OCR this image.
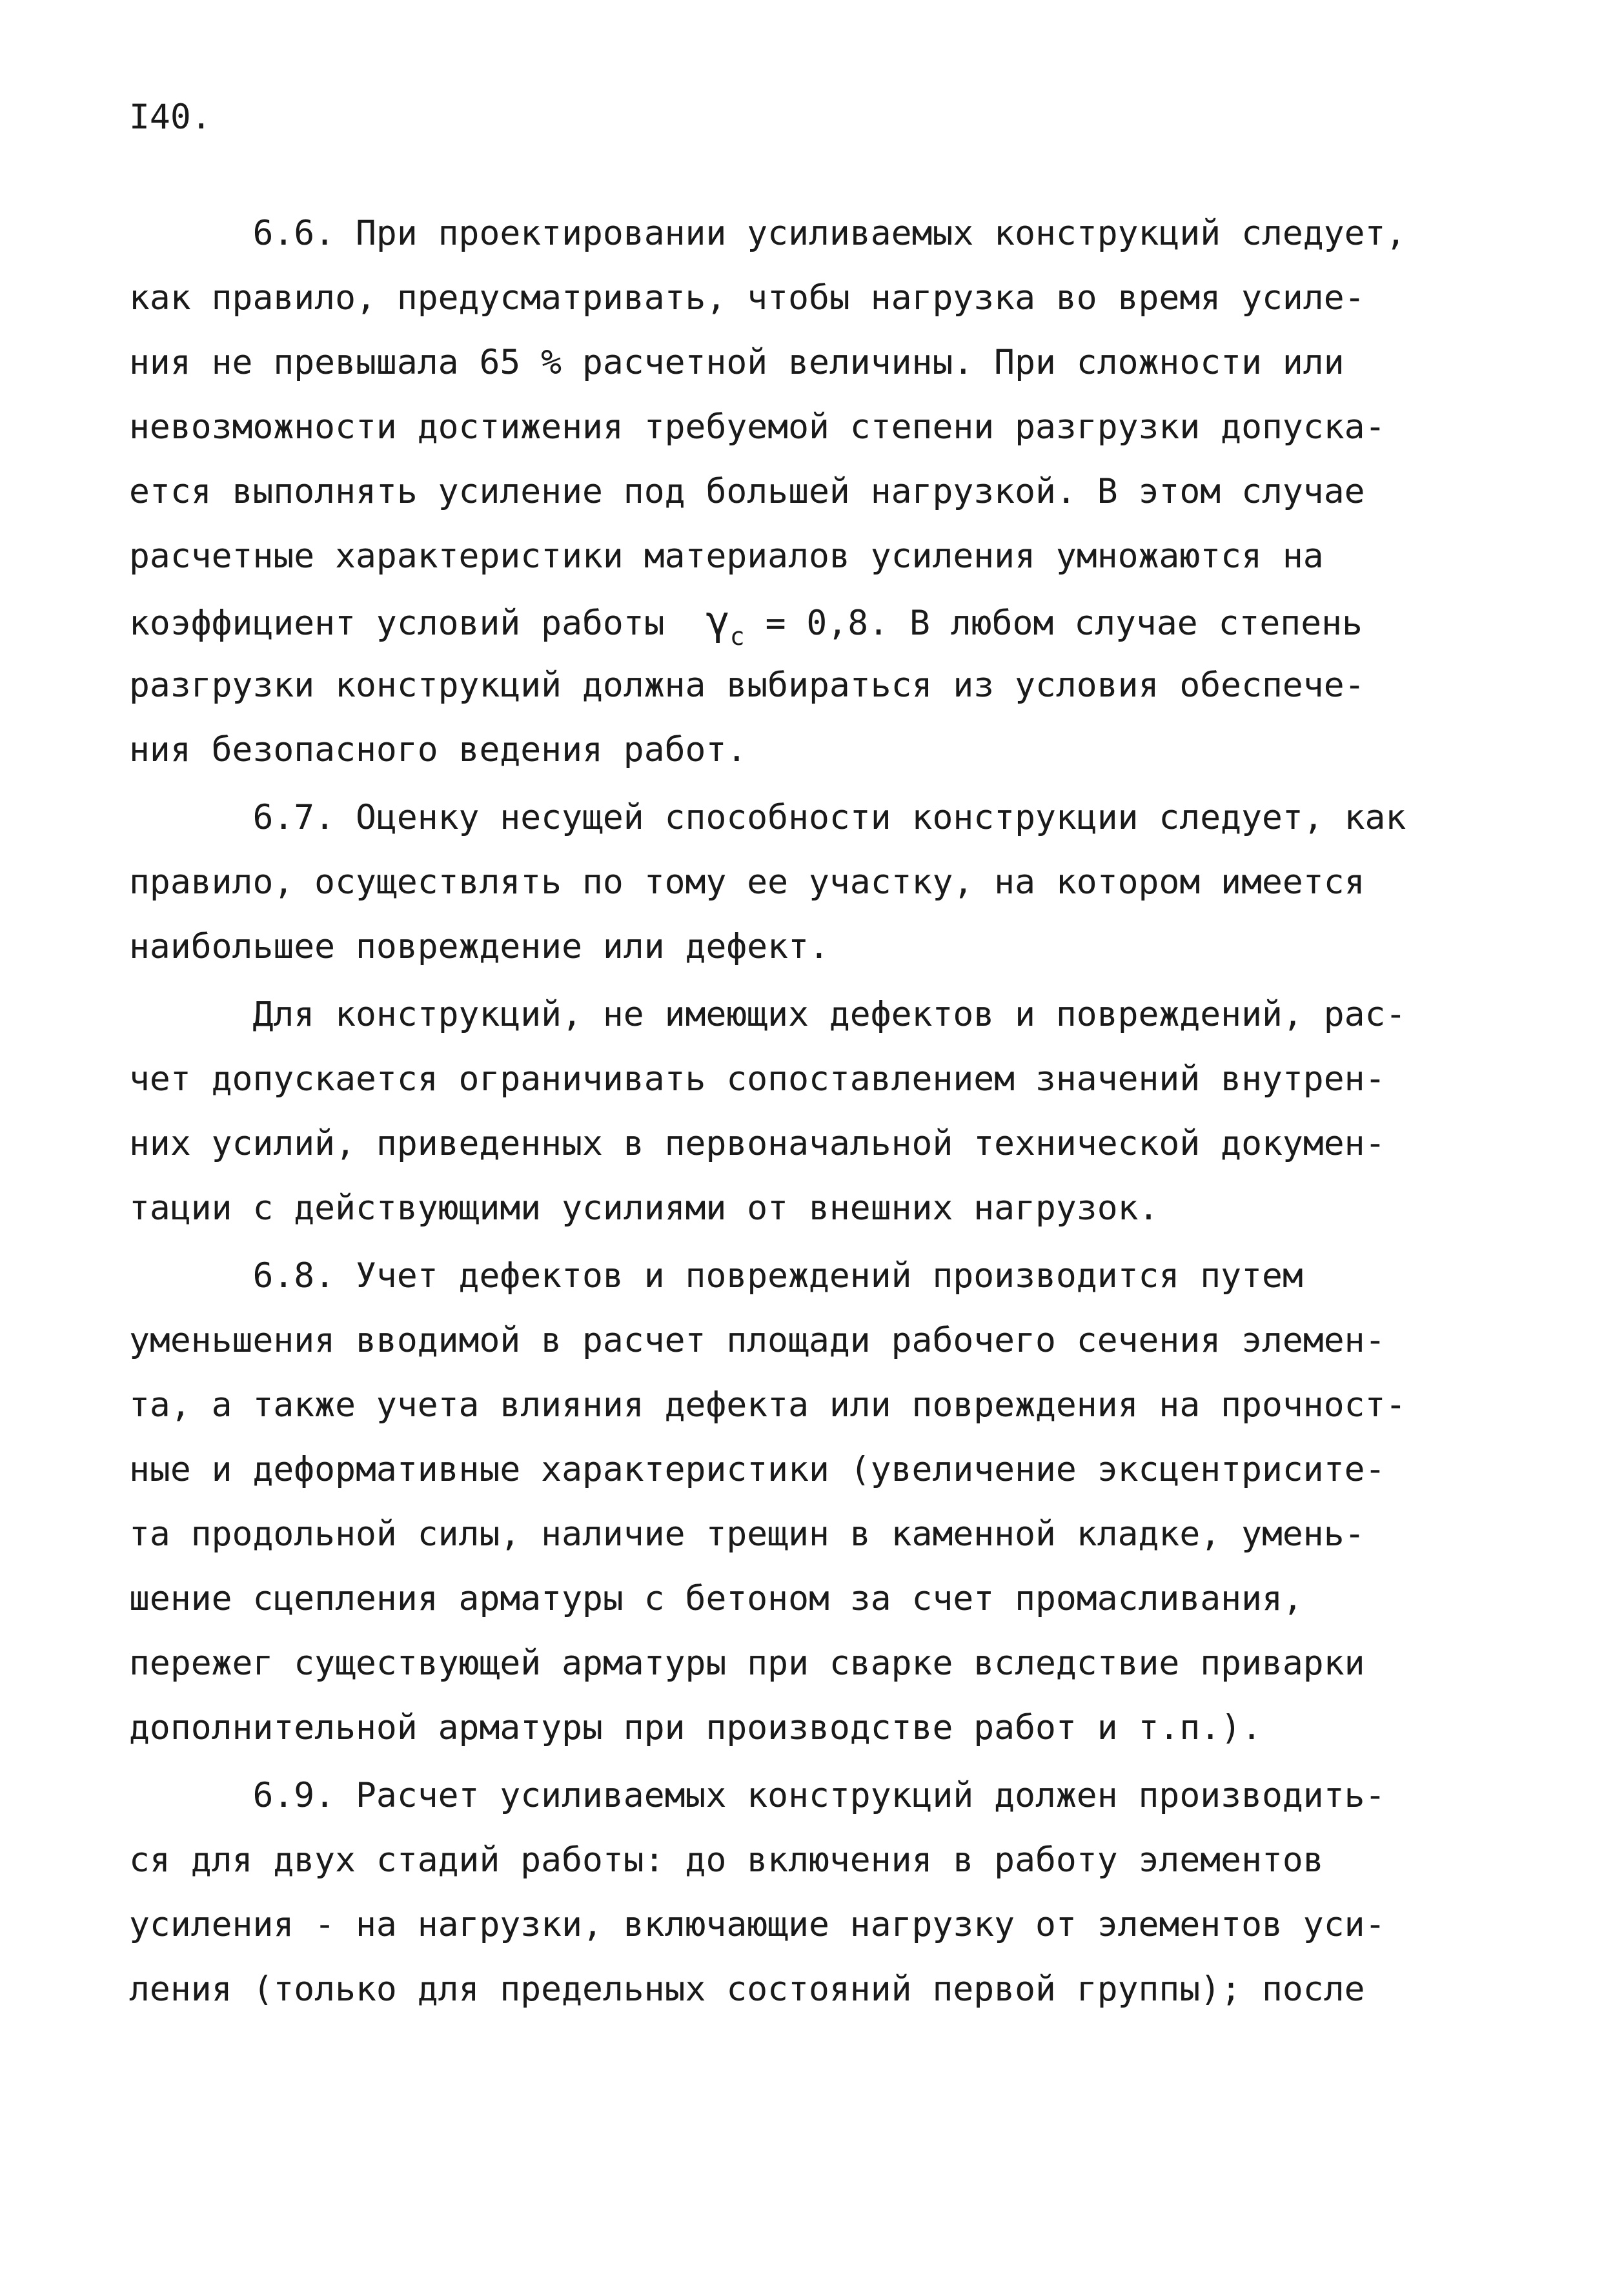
I40.
6.6. При проектировании усиливаемых конструкций следует,
как правило, предусматривать, чтобы нагрузка во время усиле-
ния не превышала 65 % расчетной величины. При сложности или
невозможности достижения требуемой степени разгрузки допуска-
ется выполнять усиление под большей нагрузкой. В этом случае
расчетные характеристики материалов усиления умножаются на
коэффициент условий работы  $\gamma_c = 0,8$. В любом случае степень
разгрузки конструкций должна выбираться из условия обеспече-
ния безопасного ведения работ.
6.7. Оценку несущей способности конструкции следует, как
правило, осуществлять по тому ее участку, на котором имеется
наибольшее повреждение или дефект.
Для конструкций, не имеющих дефектов и повреждений, рас-
чет допускается ограничивать сопоставлением значений внутрен-
них усилий, приведенных в первоначальной технической докумен-
тации с действующими усилиями от внешних нагрузок.
6.8. Учет дефектов и повреждений производится путем
уменьшения вводимой в расчет площади рабочего сечения элемен-
та, а также учета влияния дефекта или повреждения на прочност-
ные и деформативные характеристики (увеличение эксцентриcите-
та продольной силы, наличие трещин в каменной кладке, умень-
шение сцепления арматуры с бетоном за счет промасливания,
пережег существующей арматуры при сварке вследствие приварки
дополнительной арматуры при производстве работ и т.п.).
6.9. Расчет усиливаемых конструкций должен производить-
ся для двух стадий работы: до включения в работу элементов
усиления - на нагрузки, включающие нагрузку от элементов уси-
ления (только для предельных состояний первой группы); после
